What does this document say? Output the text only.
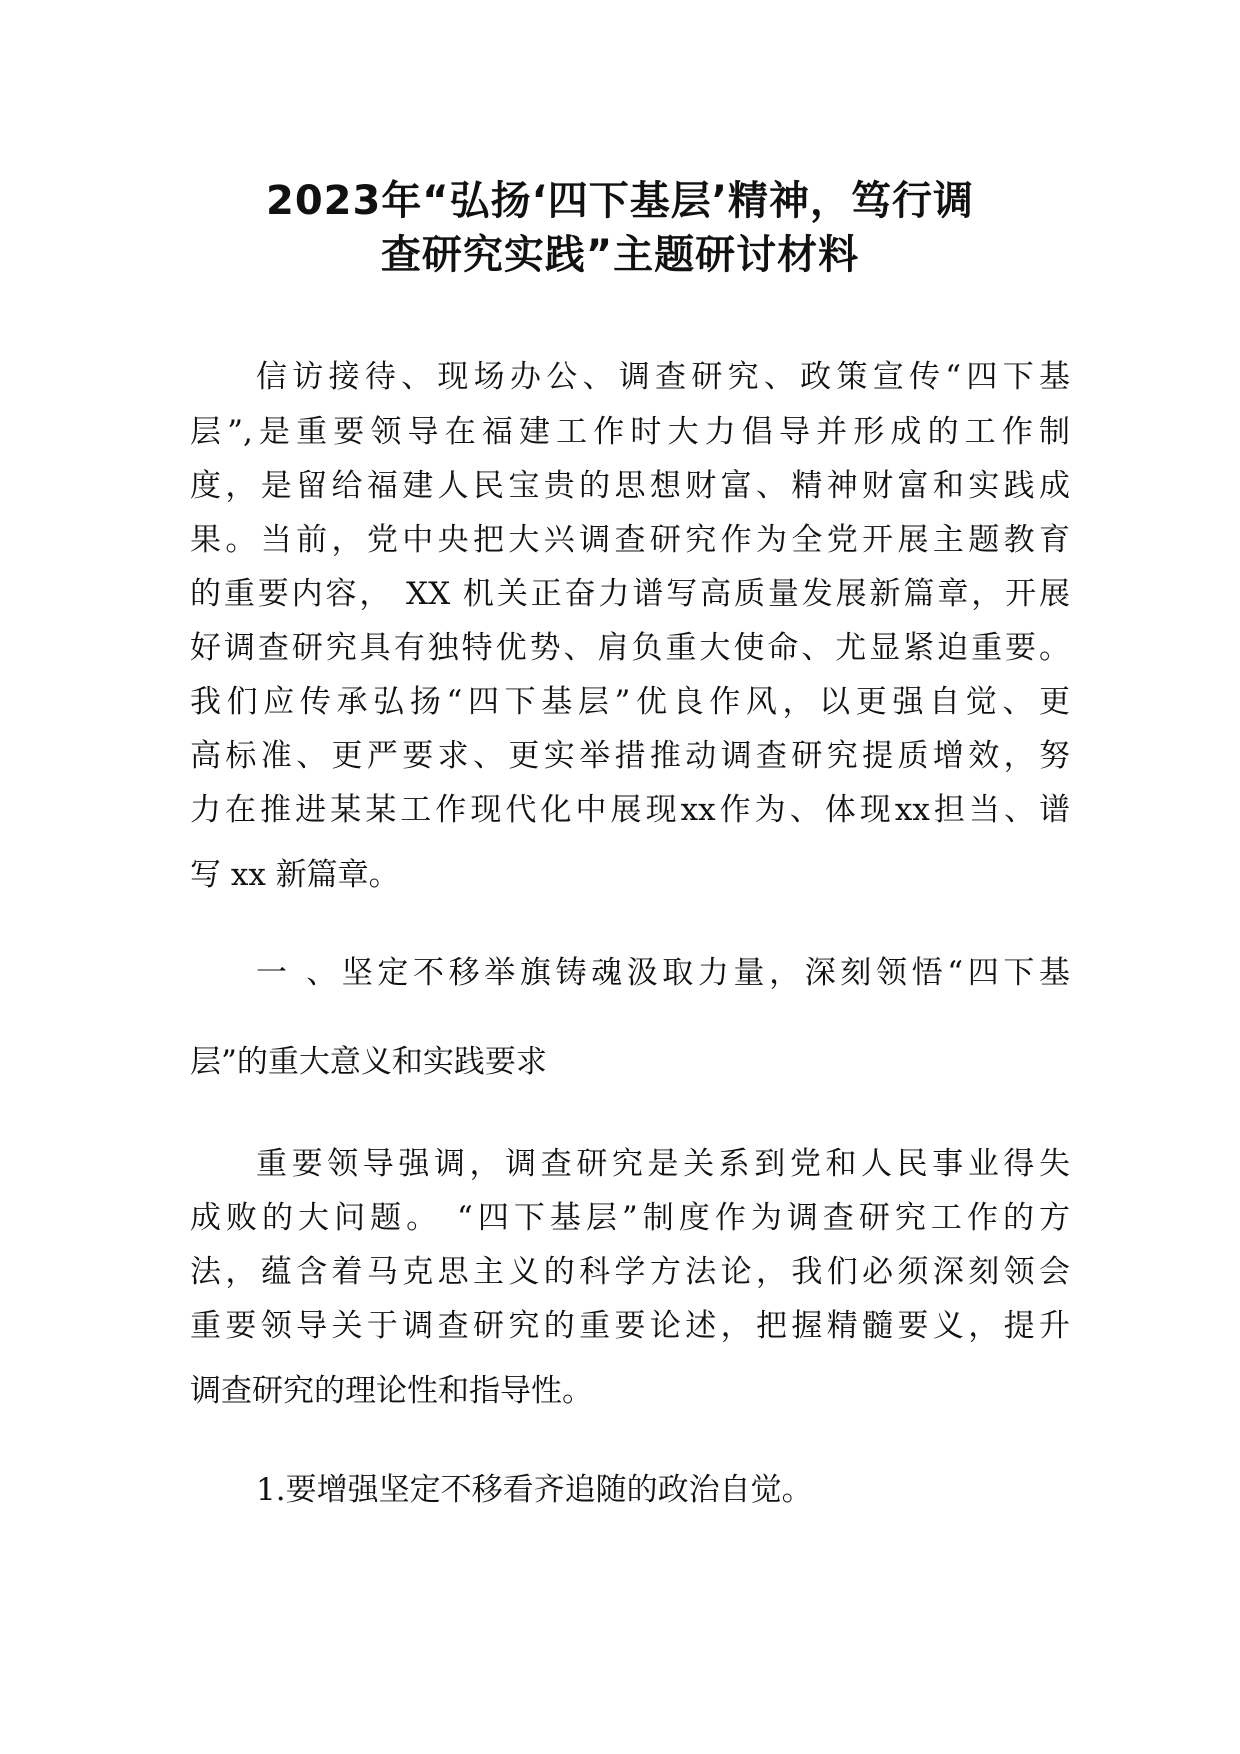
2023年“弘扬‘四下基层’精神，笃行调
查研究实践”主题研讨材料

信访接待、现场办公、调查研究、政策宣传“四下基

层”,是重要领导在福建工作时大力倡导并形成的工作制

度，是留给福建人民宝贵的思想财富、精神财富和实践成

果。当前，党中央把大兴调查研究作为全党开展主题教育

的重要内容， XX 机关正奋力谱写高质量发展新篇章，开展

好调查研究具有独特优势、肩负重大使命、尤显紧迫重要。

我们应传承弘扬“四下基层”优良作风，以更强自觉、更

高标准、更严要求、更实举措推动调查研究提质增效，努

力在推进某某工作现代化中展现xx作为、体现xx担当、谱

写 xx 新篇章。

一 、坚定不移举旗铸魂汲取力量，深刻领悟“四下基

层”的重大意义和实践要求

重要领导强调，调查研究是关系到党和人民事业得失

成败的大问题。 “四下基层”制度作为调查研究工作的方

法，蕴含着马克思主义的科学方法论，我们必须深刻领会

重要领导关于调查研究的重要论述，把握精髓要义，提升

调查研究的理论性和指导性。

1.要增强坚定不移看齐追随的政治自觉。
